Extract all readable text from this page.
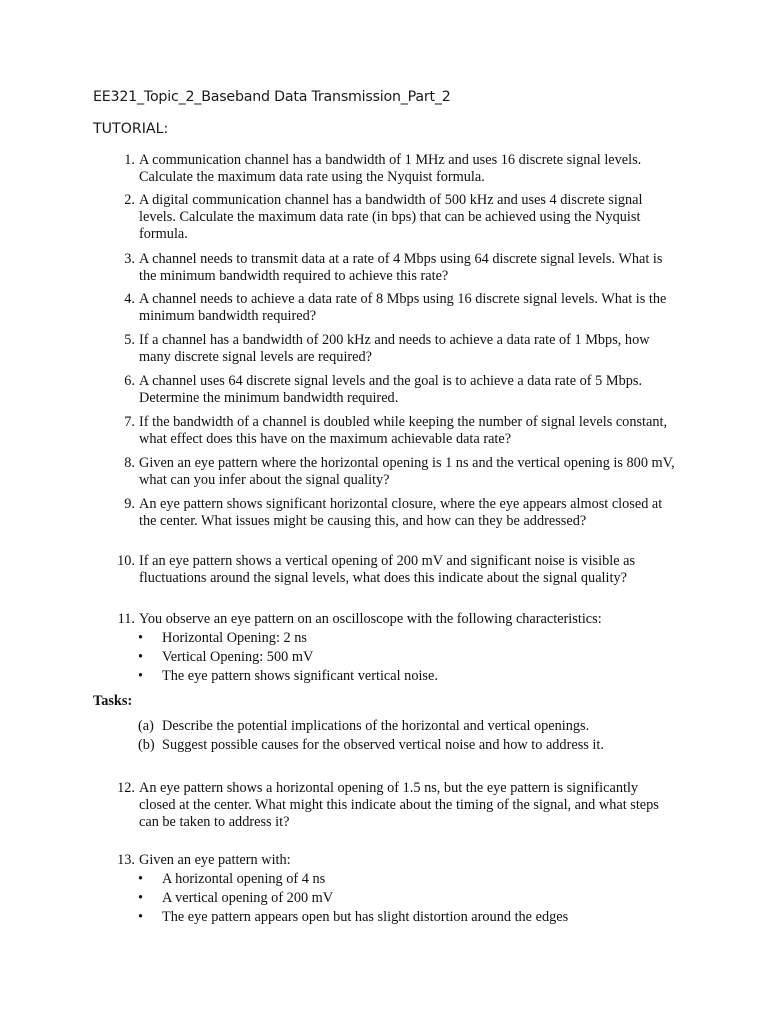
EE321_Topic_2_Baseband Data Transmission_Part_2
TUTORIAL:
1. A communication channel has a bandwidth of 1 MHz and uses 16 discrete signal levels. Calculate the maximum data rate using the Nyquist formula.
2. A digital communication channel has a bandwidth of 500 kHz and uses 4 discrete signal levels. Calculate the maximum data rate (in bps) that can be achieved using the Nyquist formula.
3. A channel needs to transmit data at a rate of 4 Mbps using 64 discrete signal levels. What is the minimum bandwidth required to achieve this rate?
4. A channel needs to achieve a data rate of 8 Mbps using 16 discrete signal levels. What is the minimum bandwidth required?
5. If a channel has a bandwidth of 200 kHz and needs to achieve a data rate of 1 Mbps, how many discrete signal levels are required?
6. A channel uses 64 discrete signal levels and the goal is to achieve a data rate of 5 Mbps. Determine the minimum bandwidth required.
7. If the bandwidth of a channel is doubled while keeping the number of signal levels constant, what effect does this have on the maximum achievable data rate?
8. Given an eye pattern where the horizontal opening is 1 ns and the vertical opening is 800 mV, what can you infer about the signal quality?
9. An eye pattern shows significant horizontal closure, where the eye appears almost closed at the center. What issues might be causing this, and how can they be addressed?
10. If an eye pattern shows a vertical opening of 200 mV and significant noise is visible as fluctuations around the signal levels, what does this indicate about the signal quality?
11. You observe an eye pattern on an oscilloscope with the following characteristics:
• Horizontal Opening: 2 ns
• Vertical Opening: 500 mV
• The eye pattern shows significant vertical noise.
Tasks:
(a) Describe the potential implications of the horizontal and vertical openings.
(b) Suggest possible causes for the observed vertical noise and how to address it.
12. An eye pattern shows a horizontal opening of 1.5 ns, but the eye pattern is significantly closed at the center. What might this indicate about the timing of the signal, and what steps can be taken to address it?
13. Given an eye pattern with:
• A horizontal opening of 4 ns
• A vertical opening of 200 mV
• The eye pattern appears open but has slight distortion around the edges
